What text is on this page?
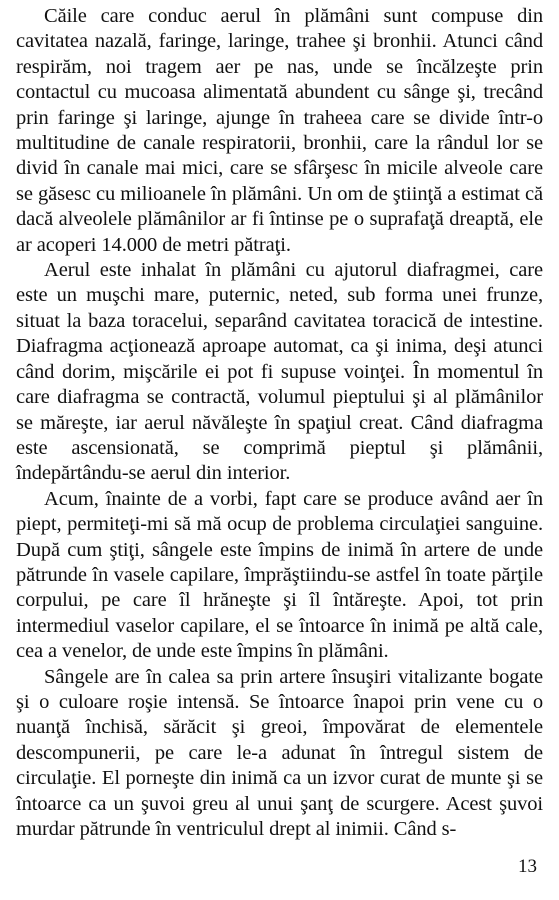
Căile care conduc aerul în plămâni sunt compuse din cavitatea nazală, faringe, laringe, trahee şi bronhii. Atunci când respirăm, noi tragem aer pe nas, unde se încălzeşte prin contactul cu mucoasa alimentată abundent cu sânge şi, trecând prin faringe şi laringe, ajunge în traheea care se divide într-o multitudine de canale respiratorii, bronhii, care la rândul lor se divid în canale mai mici, care se sfârşesc în micile alveole care se găsesc cu milioanele în plămâni. Un om de ştiinţă a estimat că dacă alveolele plămânilor ar fi întinse pe o suprafaţă dreaptă, ele ar acoperi 14.000 de metri pătraţi.

Aerul este inhalat în plămâni cu ajutorul diafragmei, care este un muşchi mare, puternic, neted, sub forma unei frunze, situat la baza toracelui, separând cavitatea toracică de intestine. Diafragma acţionează aproape automat, ca şi inima, deşi atunci când dorim, mişcările ei pot fi supuse voinţei. În momentul în care diafragma se contractă, volumul pieptului şi al plămânilor se măreşte, iar aerul năvăleşte în spaţiul creat. Când diafragma este ascensionată, se comprimă pieptul şi plămânii, îndepărtându-se aerul din interior.

Acum, înainte de a vorbi, fapt care se produce având aer în piept, permiteţi-mi să mă ocup de problema circulaţiei sanguine. După cum ştiţi, sângele este împins de inimă în artere de unde pătrunde în vasele capilare, împrăştiindu-se astfel în toate părţile corpului, pe care îl hrăneşte şi îl întăreşte. Apoi, tot prin intermediul vaselor capilare, el se întoarce în inimă pe altă cale, cea a venelor, de unde este împins în plămâni.

Sângele are în calea sa prin artere însuşiri vitalizante bogate şi o culoare roşie intensă. Se întoarce înapoi prin vene cu o nuanţă închisă, sărăcit şi greoi, împovărat de elementele descompunerii, pe care le-a adunat în întregul sistem de circulaţie. El porneşte din inimă ca un izvor curat de munte şi se întoarce ca un şuvoi greu al unui şanţ de scurgere. Acest şuvoi murdar pătrunde în ventriculul drept al inimii. Când s-

13
